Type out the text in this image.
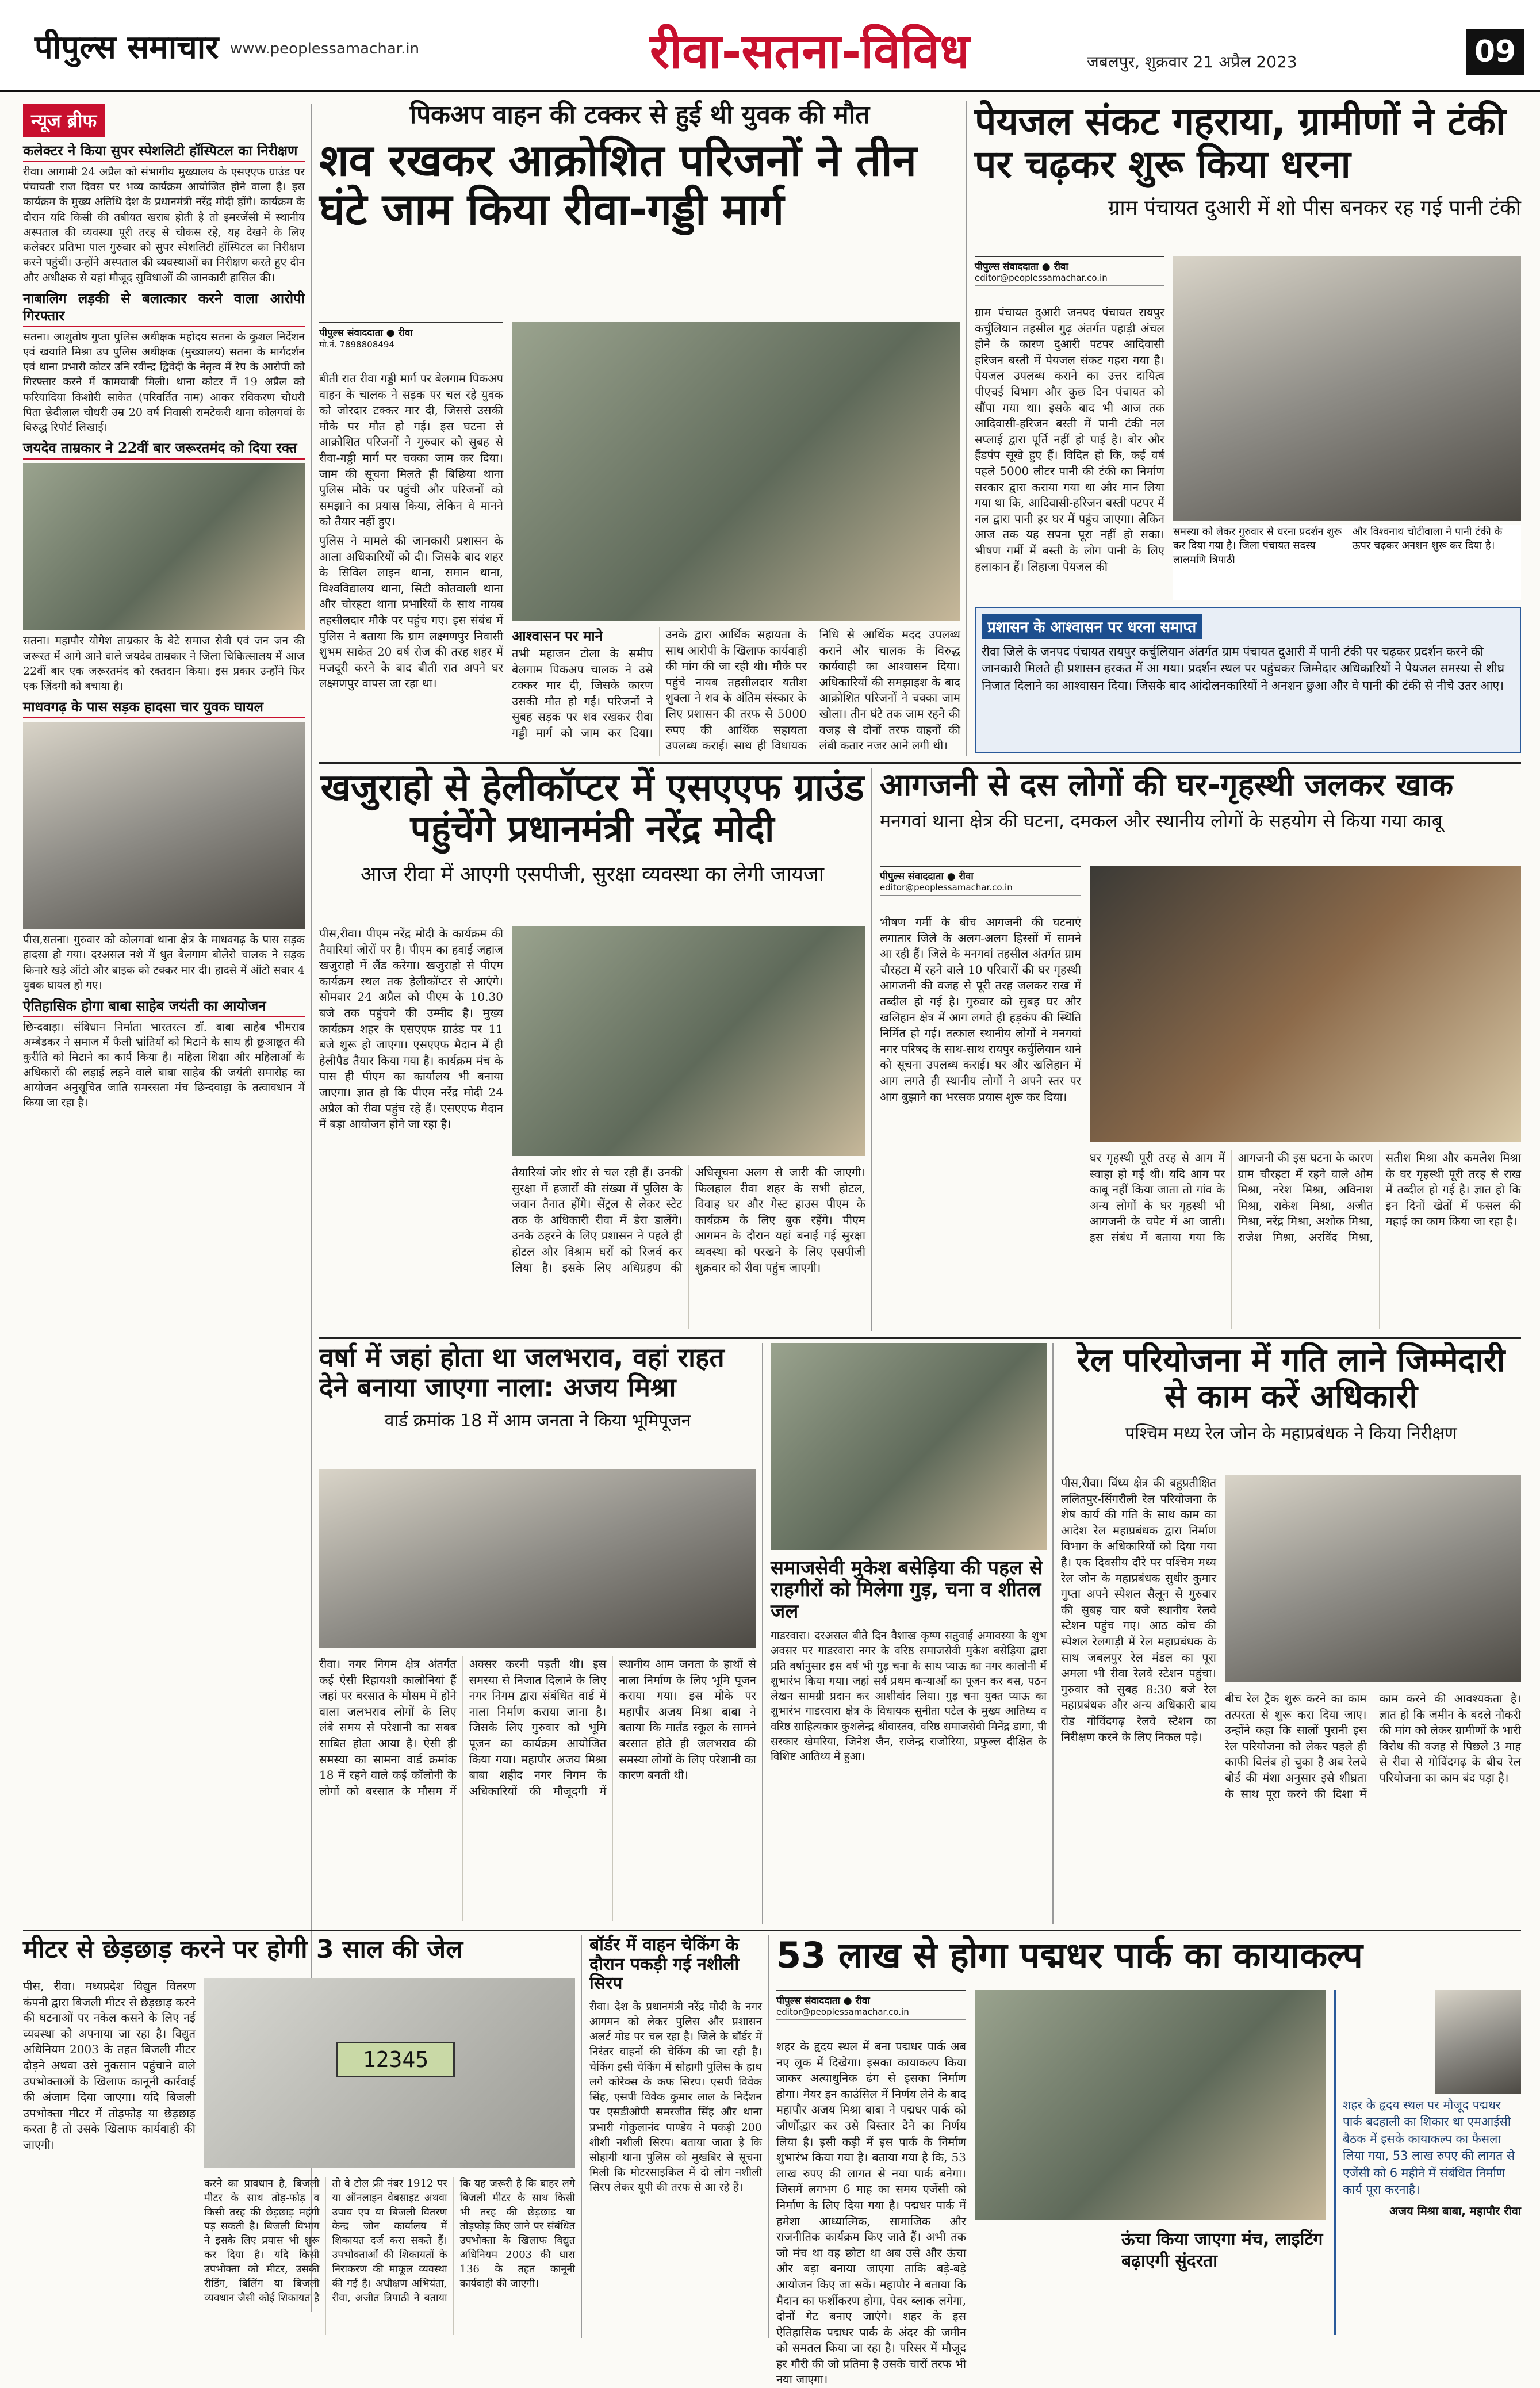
पीपुल्स समाचार www.peoplessamachar.in	रीवा-सतना-विविध	जबलपुर, शुक्रवार 21 अप्रैल 2023	09
न्यूज ब्रीफ
कलेक्टर ने किया सुपर स्पेशलिटी हॉस्पिटल का निरीक्षण

रीवा। आगामी 24 अप्रैल को संभागीय मुख्यालय के एसएएफ ग्राउंड पर पंचायती राज दिवस पर भव्य कार्यक्रम आयोजित होने वाला है। इस कार्यक्रम के मुख्य अतिथि देश के प्रधानमंत्री नरेंद्र मोदी होंगे। कार्यक्रम के दौरान यदि किसी की तबीयत खराब होती है तो इमरजेंसी में स्थानीय अस्पताल की व्यवस्था पूरी तरह से चौकस रहे, यह देखने के लिए कलेक्टर प्रतिभा पाल गुरुवार को सुपर स्पेशलिटी हॉस्पिटल का निरीक्षण करने पहुंचीं। उन्होंने अस्पताल की व्यवस्थाओं का निरीक्षण करते हुए दीन और अधीक्षक से यहां मौजूद सुविधाओं की जानकारी हासिल की।

नाबालिग लड़की से बलात्कार करने वाला आरोपी गिरफ्तार

सतना। आशुतोष गुप्ता पुलिस अधीक्षक महोदय सतना के कुशल निर्देशन एवं खयाति मिश्रा उप पुलिस अधीक्षक (मुख्यालय) सतना के मार्गदर्शन एवं थाना प्रभारी कोटर उनि रवीन्द्र द्विवेदी के नेतृत्व में रेप के आरोपी को गिरफ्तार करने में कामयाबी मिली। थाना कोटर में 19 अप्रैल को फरियादिया किशोरी साकेत (परिवर्तित नाम) आकर रविकरण चौधरी पिता छेदीलाल चौधरी उम्र 20 वर्ष निवासी रामटेकरी थाना कोलगवां के विरुद्ध रिपोर्ट लिखाई।

जयदेव ताम्रकार ने 22वीं बार जरूरतमंद को दिया रक्त

सतना। महापौर योगेश ताम्रकार के बेटे समाज सेवी एवं जन जन की जरूरत में आगे आने वाले जयदेव ताम्रकार ने जिला चिकित्सालय में आज 22वीं बार एक जरूरतमंद को रक्तदान किया। इस प्रकार उन्होंने फिर एक ज़िंदगी को बचाया है।

माधवगढ़ के पास सड़क हादसा चार युवक घायल

पीस,सतना। गुरुवार को कोलगवां थाना क्षेत्र के माधवगढ़ के पास सड़क हादसा हो गया। दरअसल नशे में धुत बेलगाम बोलेरो चालक ने सड़क किनारे खड़े ऑटो और बाइक को टक्कर मार दी। हादसे में ऑटो सवार 4 युवक घायल हो गए।

ऐतिहासिक होगा बाबा साहेब जयंती का आयोजन

छिन्दवाड़ा। संविधान निर्माता भारतरत्न डॉ. बाबा साहेब भीमराव अम्बेडकर ने समाज में फैली भ्रांतियों को मिटाने के साथ ही छुआछूत की कुरीति को मिटाने का कार्य किया है। महिला शिक्षा और महिलाओं के अधिकारों की लड़ाई लड़ने वाले बाबा साहेब की जयंती समारोह का आयोजन अनुसूचित जाति समरसता मंच छिन्दवाड़ा के तत्वावधान में किया जा रहा है।

पिकअप वाहन की टक्कर से हुई थी युवक की मौत
शव रखकर आक्रोशित परिजनों ने तीन घंटे जाम किया रीवा-गड्डी मार्ग
पीपुल्स संवाददाता ● रीवा
मो.नं. 7898808494

बीती रात रीवा गड्डी मार्ग पर बेलगाम पिकअप वाहन के चालक ने सड़क पर चल रहे युवक को जोरदार टक्कर मार दी, जिससे उसकी मौके पर मौत हो गई। इस घटना से आक्रोशित परिजनों ने गुरुवार को सुबह से रीवा-गड्डी मार्ग पर चक्का जाम कर दिया। जाम की सूचना मिलते ही बिछिया थाना पुलिस मौके पर पहुंची और परिजनों को समझाने का प्रयास किया, लेकिन वे मानने को तैयार नहीं हुए।

पुलिस ने मामले की जानकारी प्रशासन के आला अधिकारियों को दी। जिसके बाद शहर के सिविल लाइन थाना, समान थाना, विश्वविद्यालय थाना, सिटी कोतवाली थाना और चोरहटा थाना प्रभारियों के साथ नायब तहसीलदार मौके पर पहुंच गए। इस संबंध में पुलिस ने बताया कि ग्राम लक्ष्मणपुर निवासी शुभम साकेत 20 वर्ष रोज की तरह शहर में मजदूरी करने के बाद बीती रात अपने घर लक्ष्मणपुर वापस जा रहा था।

आश्वासन पर माने

तभी महाजन टोला के समीप बेलगाम पिकअप चालक ने उसे टक्कर मार दी, जिसके कारण उसकी मौत हो गई। परिजनों ने सुबह सड़क पर शव रखकर रीवा गड्डी मार्ग को जाम कर दिया। उनके द्वारा आर्थिक सहायता के साथ आरोपी के खिलाफ कार्यवाही की मांग की जा रही थी। मौके पर पहुंचे नायब तहसीलदार यतीश शुक्ला ने शव के अंतिम संस्कार के लिए प्रशासन की तरफ से 5000 रुपए की आर्थिक सहायता उपलब्ध कराई। साथ ही विधायक निधि से आर्थिक मदद उपलब्ध कराने और चालक के विरुद्ध कार्यवाही का आश्वासन दिया। अधिकारियों की समझाइश के बाद आक्रोशित परिजनों ने चक्का जाम खोला। तीन घंटे तक जाम रहने की वजह से दोनों तरफ वाहनों की लंबी कतार नजर आने लगी थी।

पेयजल संकट गहराया, ग्रामीणों ने टंकी पर चढ़कर शुरू किया धरना
ग्राम पंचायत दुआरी में शो पीस बनकर रह गई पानी टंकी
पीपुल्स संवाददाता ● रीवा
editor@peoplessamachar.co.in

ग्राम पंचायत दुआरी जनपद पंचायत रायपुर कर्चुलियान तहसील गुढ़ अंतर्गत पहाड़ी अंचल होने के कारण दुआरी पटपर आदिवासी हरिजन बस्ती में पेयजल संकट गहरा गया है। पेयजल उपलब्ध कराने का उत्तर दायित्व पीएचई विभाग और कुछ दिन पंचायत को सौंपा गया था। इसके बाद भी आज तक आदिवासी-हरिजन बस्ती में पानी टंकी नल सप्लाई द्वारा पूर्ति नहीं हो पाई है। बोर और हैंडपंप सूखे हुए हैं। विदित हो कि, कई वर्ष पहले 5000 लीटर पानी की टंकी का निर्माण सरकार द्वारा कराया गया था और मान लिया गया था कि, आदिवासी-हरिजन बस्ती पटपर में नल द्वारा पानी हर घर में पहुंच जाएगा। लेकिन आज तक यह सपना पूरा नहीं हो सका। भीषण गर्मी में बस्ती के लोग पानी के लिए हलाकान हैं। लिहाजा पेयजल की

समस्या को लेकर गुरुवार से धरना प्रदर्शन शुरू कर दिया गया है। जिला पंचायत सदस्य लालमणि त्रिपाठी
और विश्वनाथ चोटीवाला ने पानी टंकी के ऊपर चढ़कर अनशन शुरू कर दिया है।
प्रशासन के आश्वासन पर धरना समाप्त
रीवा जिले के जनपद पंचायत रायपुर कर्चुलियान अंतर्गत ग्राम पंचायत दुआरी में पानी टंकी पर चढ़कर प्रदर्शन करने की जानकारी मिलते ही प्रशासन हरकत में आ गया। प्रदर्शन स्थल पर पहुंचकर जिम्मेदार अधिकारियों ने पेयजल समस्या से शीघ्र निजात दिलाने का आश्वासन दिया। जिसके बाद आंदोलनकारियों ने अनशन छुआ और वे पानी की टंकी से नीचे उतर आए।
खजुराहो से हेलीकॉप्टर में एसएएफ ग्राउंड पहुंचेंगे प्रधानमंत्री नरेंद्र मोदी
आज रीवा में आएगी एसपीजी, सुरक्षा व्यवस्था का लेगी जायजा

पीस,रीवा। पीएम नरेंद्र मोदी के कार्यक्रम की तैयारियां जोरों पर है। पीएम का हवाई जहाज खजुराहो में लैंड करेगा। खजुराहो से पीएम कार्यक्रम स्थल तक हेलीकॉप्टर से आएंगे। सोमवार 24 अप्रैल को पीएम के 10.30 बजे तक पहुंचने की उम्मीद है। मुख्य कार्यक्रम शहर के एसएएफ ग्राउंड पर 11 बजे शुरू हो जाएगा। एसएएफ मैदान में ही हेलीपैड तैयार किया गया है। कार्यक्रम मंच के पास ही पीएम का कार्यालय भी बनाया जाएगा। ज्ञात हो कि पीएम नरेंद्र मोदी 24 अप्रैल को रीवा पहुंच रहे हैं। एसएएफ मैदान में बड़ा आयोजन होने जा रहा है।

तैयारियां जोर शोर से चल रही हैं। उनकी सुरक्षा में हजारों की संख्या में पुलिस के जवान तैनात होंगे। सेंट्रल से लेकर स्टेट तक के अधिकारी रीवा में डेरा डालेंगे। उनके ठहरने के लिए प्रशासन ने पहले ही होटल और विश्राम घरों को रिजर्व कर लिया है। इसके लिए अधिग्रहण की अधिसूचना अलग से जारी की जाएगी। फिलहाल रीवा शहर के सभी होटल, विवाह घर और गेस्ट हाउस पीएम के कार्यक्रम के लिए बुक रहेंगे। पीएम आगमन के दौरान यहां बनाई गई सुरक्षा व्यवस्था को परखने के लिए एसपीजी शुक्रवार को रीवा पहुंच जाएगी।

आगजनी से दस लोगों की घर-गृहस्थी जलकर खाक
मनगवां थाना क्षेत्र की घटना, दमकल और स्थानीय लोगों के सहयोग से किया गया काबू
पीपुल्स संवाददाता ● रीवा
editor@peoplessamachar.co.in

भीषण गर्मी के बीच आगजनी की घटनाएं लगातार जिले के अलग-अलग हिस्सों में सामने आ रही हैं। जिले के मनगवां तहसील अंतर्गत ग्राम चौरहटा में रहने वाले 10 परिवारों की घर गृहस्थी आगजनी की वजह से पूरी तरह जलकर राख में तब्दील हो गई है। गुरुवार को सुबह घर और खलिहान क्षेत्र में आग लगते ही हड़कंप की स्थिति निर्मित हो गई। तत्काल स्थानीय लोगों ने मनगवां नगर परिषद के साथ-साथ रायपुर कर्चुलियान थाने को सूचना उपलब्ध कराई। घर और खलिहान में आग लगते ही स्थानीय लोगों ने अपने स्तर पर आग बुझाने का भरसक प्रयास शुरू कर दिया।

घर गृहस्थी पूरी तरह से आग में स्वाहा हो गई थी। यदि आग पर काबू नहीं किया जाता तो गांव के अन्य लोगों के घर गृहस्थी भी आगजनी के चपेट में आ जाती। इस संबंध में बताया गया कि आगजनी की इस घटना के कारण ग्राम चौरहटा में रहने वाले ओम मिश्रा, नरेश मिश्रा, अविनाश मिश्रा, राकेश मिश्रा, अजीत मिश्रा, नरेंद्र मिश्रा, अशोक मिश्रा, राजेश मिश्रा, अरविंद मिश्रा, सतीश मिश्रा और कमलेश मिश्रा के घर गृहस्थी पूरी तरह से राख में तब्दील हो गई है। ज्ञात हो कि इन दिनों खेतों में फसल की महाई का काम किया जा रहा है।

वर्षा में जहां होता था जलभराव, वहां राहत देने बनाया जाएगा नाला: अजय मिश्रा
वार्ड क्रमांक 18 में आम जनता ने किया भूमिपूजन

रीवा। नगर निगम क्षेत्र अंतर्गत कई ऐसी रिहायशी कालोनियां हैं जहां पर बरसात के मौसम में होने वाला जलभराव लोगों के लिए लंबे समय से परेशानी का सबब साबित होता आया है। ऐसी ही समस्या का सामना वार्ड क्रमांक 18 में रहने वाले कई कॉलोनी के लोगों को बरसात के मौसम में अक्सर करनी पड़ती थी। इस समस्या से निजात दिलाने के लिए नगर निगम द्वारा संबंधित वार्ड में नाला निर्माण कराया जाना है। जिसके लिए गुरुवार को भूमि पूजन का कार्यक्रम आयोजित किया गया। महापौर अजय मिश्रा बाबा शहीद नगर निगम के अधिकारियों की मौजूदगी में स्थानीय आम जनता के हाथों से नाला निर्माण के लिए भूमि पूजन कराया गया। इस मौके पर महापौर अजय मिश्रा बाबा ने बताया कि मार्तंड स्कूल के सामने बरसात होते ही जलभराव की समस्या लोगों के लिए परेशानी का कारण बनती थी।

समाजसेवी मुकेश बसेड़िया की पहल से राहगीरों को मिलेगा गुड़, चना व शीतल जल

गाडरवारा। दरअसल बीते दिन वैशाख कृष्ण सतुवाई अमावस्या के शुभ अवसर पर गाडरवारा नगर के वरिष्ठ समाजसेवी मुकेश बसेड़िया द्वारा प्रति वर्षानुसार इस वर्ष भी गुड़ चना के साथ प्याऊ का नगर कालोनी में शुभारंभ किया गया। जहां सर्व प्रथम कन्याओं का पूजन कर बस, पठन लेखन सामग्री प्रदान कर आशीर्वाद लिया। गुड़ चना युक्त प्याऊ का शुभारंभ गाडरवारा क्षेत्र के विधायक सुनीता पटेल के मुख्य आतिथ्य व वरिष्ठ साहित्यकार कुशलेन्द्र श्रीवास्तव, वरिष्ठ समाजसेवी मिनेंद्र डागा, पी सरकार खेमरिया, जिनेश जैन, राजेन्द्र राजोरिया, प्रफुल्ल दीक्षित के विशिष्ट आतिथ्य में हुआ।

रेल परियोजना में गति लाने जिम्मेदारी से काम करें अधिकारी
पश्चिम मध्य रेल जोन के महाप्रबंधक ने किया निरीक्षण

पीस,रीवा। विंध्य क्षेत्र की बहुप्रतीक्षित ललितपुर-सिंगरौली रेल परियोजना के शेष कार्य की गति के साथ काम का आदेश रेल महाप्रबंधक द्वारा निर्माण विभाग के अधिकारियों को दिया गया है। एक दिवसीय दौरे पर पश्चिम मध्य रेल जोन के महाप्रबंधक सुधीर कुमार गुप्ता अपने स्पेशल सैलून से गुरुवार की सुबह चार बजे स्थानीय रेलवे स्टेशन पहुंच गए। आठ कोच की स्पेशल रेलगाड़ी में रेल महाप्रबंधक के साथ जबलपुर रेल मंडल का पूरा अमला भी रीवा रेलवे स्टेशन पहुंचा। गुरुवार को सुबह 8:30 बजे रेल महाप्रबंधक और अन्य अधिकारी बाय रोड गोविंदगढ़ रेलवे स्टेशन का निरीक्षण करने के लिए निकल पड़े।

बीच रेल ट्रैक शुरू करने का काम तत्परता से शुरू करा दिया जाए। उन्होंने कहा कि सालों पुरानी इस रेल परियोजना को लेकर पहले ही काफी विलंब हो चुका है अब रेलवे बोर्ड की मंशा अनुसार इसे शीघ्रता के साथ पूरा करने की दिशा में काम करने की आवश्यकता है। ज्ञात हो कि जमीन के बदले नौकरी की मांग को लेकर ग्रामीणों के भारी विरोध की वजह से पिछले 3 माह से रीवा से गोविंदगढ़ के बीच रेल परियोजना का काम बंद पड़ा है।

मीटर से छेड़छाड़ करने पर होगी 3 साल की जेल

पीस, रीवा। मध्यप्रदेश विद्युत वितरण कंपनी द्वारा बिजली मीटर से छेड़छाड़ करने की घटनाओं पर नकेल कसने के लिए नई व्यवस्था को अपनाया जा रहा है। विद्युत अधिनियम 2003 के तहत बिजली मीटर दौड़ने अथवा उसे नुकसान पहुंचाने वाले उपभोक्ताओं के खिलाफ कानूनी कार्रवाई की अंजाम दिया जाएगा। यदि बिजली उपभोक्ता मीटर में तोड़फोड़ या छेड़छाड़ करता है तो उसके खिलाफ कार्यवाही की जाएगी।

12345

करने का प्रावधान है, बिजली मीटर के साथ तोड़-फोड़ व किसी तरह की छेड़छाड़ महंगी पड़ सकती है। बिजली विभाग ने इसके लिए प्रयास भी शुरू कर दिया है। यदि किसी उपभोक्ता को मीटर, उसकी रीडिंग, बिलिंग या बिजली व्यवधान जैसी कोई शिकायत है तो वे टोल फ्री नंबर 1912 पर या ऑनलाइन वेबसाइट अथवा उपाय एप या बिजली वितरण केन्द्र जोन कार्यालय में शिकायत दर्ज करा सकते हैं। उपभोक्ताओं की शिकायतों के निराकरण की माकूल व्यवस्था की गई है। अधीक्षण अभियंता, रीवा, अजीत त्रिपाठी ने बताया कि यह जरूरी है कि बाहर लगे बिजली मीटर के साथ किसी भी तरह की छेड़छाड़ या तोड़फोड़ किए जाने पर संबंधित उपभोक्ता के खिलाफ विद्युत अधिनियम 2003 की धारा 136 के तहत कानूनी कार्यवाही की जाएगी।

बॉर्डर में वाहन चेकिंग के दौरान पकड़ी गई नशीली सिरप

रीवा। देश के प्रधानमंत्री नरेंद्र मोदी के नगर आगमन को लेकर पुलिस और प्रशासन अलर्ट मोड पर चल रहा है। जिले के बॉर्डर में निरंतर वाहनों की चेकिंग की जा रही है। चेकिंग इसी चेकिंग में सोहागी पुलिस के हाथ लगे कोरेक्स के कफ सिरप। एसपी विवेक सिंह, एसपी विवेक कुमार लाल के निर्देशन पर एसडीओपी समरजीत सिंह और थाना प्रभारी गोकुलानंद पाण्डेय ने पकड़ी 200 शीशी नशीली सिरप। बताया जाता है कि सोहागी थाना पुलिस को मुखबिर से सूचना मिली कि मोटरसाइकिल में दो लोग नशीली सिरप लेकर यूपी की तरफ से आ रहे हैं।

53 लाख से होगा पद्मधर पार्क का कायाकल्प
पीपुल्स संवाददाता ● रीवा
editor@peoplessamachar.co.in

शहर के हृदय स्थल में बना पद्मधर पार्क अब नए लुक में दिखेगा। इसका कायाकल्प किया जाकर अत्याधुनिक ढंग से इसका निर्माण होगा। मेयर इन काउंसिल में निर्णय लेने के बाद महापौर अजय मिश्रा बाबा ने पद्मधर पार्क को जीर्णोद्धार कर उसे विस्तार देने का निर्णय लिया है। इसी कड़ी में इस पार्क के निर्माण शुभारंभ किया गया है। बताया गया है कि, 53 लाख रुपए की लागत से नया पार्क बनेगा। जिसमें लगभग 6 माह का समय एजेंसी को निर्माण के लिए दिया गया है। पद्मधर पार्क में हमेशा आध्यात्मिक, सामाजिक और राजनीतिक कार्यक्रम किए जाते हैं। अभी तक जो मंच था वह छोटा था अब उसे और ऊंचा और बड़ा बनाया जाएगा ताकि बड़े-बड़े आयोजन किए जा सकें। महापौर ने बताया कि मैदान का फर्शीकरण होगा, पेवर ब्लाक लगेगा, दोनों गेट बनाए जाएंगे। शहर के इस ऐतिहासिक पद्मधर पार्क के अंदर की जमीन को समतल किया जा रहा है। परिसर में मौजूद हर गौरी की जो प्रतिमा है उसके चारों तरफ भी नया जाएगा।

ऊंचा किया जाएगा मंच, लाइटिंग बढ़ाएगी सुंदरता
शहर के हृदय स्थल पर मौजूद पद्मधर पार्क बदहाली का शिकार था एमआईसी बैठक में इसके कायाकल्प का फैसला लिया गया, 53 लाख रुपए की लागत से एजेंसी को 6 महीने में संबंधित निर्माण कार्य पूरा करनाहै।
अजय मिश्रा बाबा, महापौर रीवा
